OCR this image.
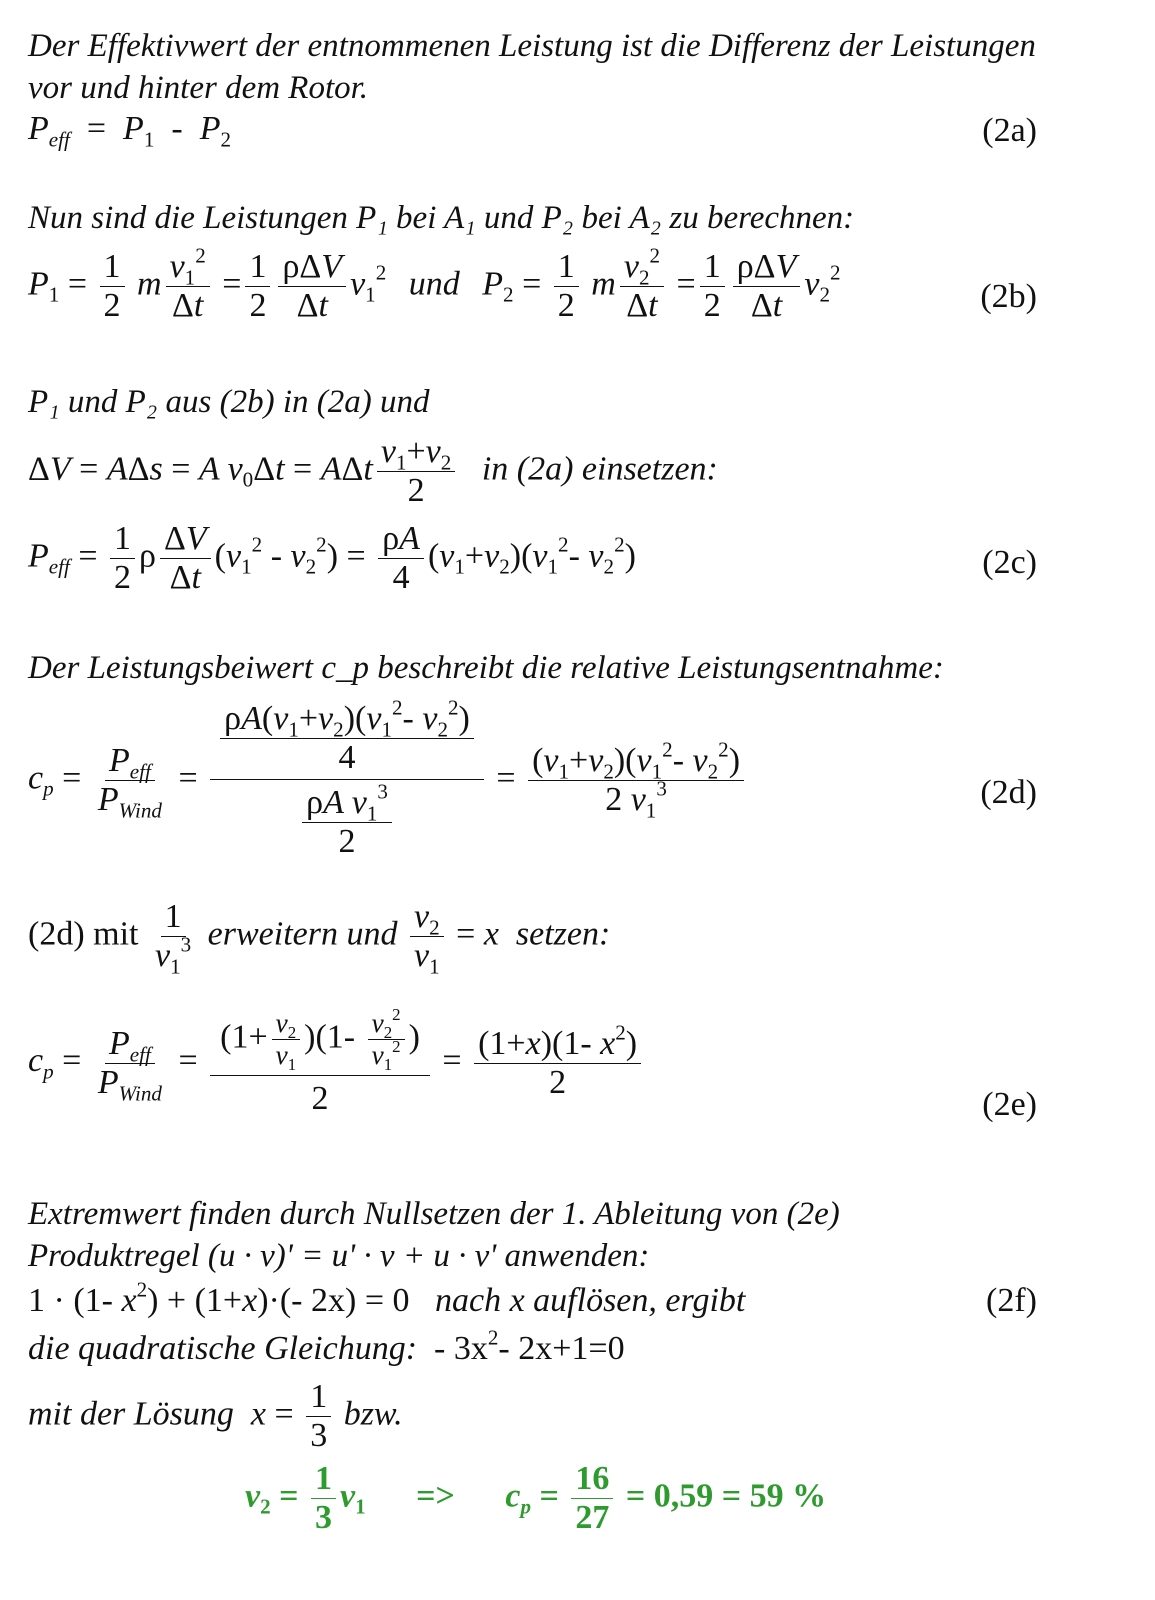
Der Effektivwert der entnommenen Leistung ist die Differenz der Leistungen
vor und hinter dem Rotor.
$P_{eff} = P_1 - P_2$	(2a)
Nun sind die Leistungen P₁ bei A₁ und P₂ bei A₂ zu berechnen:
$P_1 = \frac{1}{2}$ m $\frac{v_1^2}{\Delta t} = \frac{1}{2} \frac{\text{ρΔV}}{\Delta t} v_1^2$ und $P_2 = \frac{1}{2}$ m $\frac{v_2^2}{\Delta t} = \frac{1}{2} \frac{\text{ρΔV}}{\Delta t} v_2^2$
(2b)
P₁ und P₂ aus (2b) in (2a) und
ΔV = AΔs = A $v_0\Delta t = A\Delta t \frac{v_1+v_2}{2}$ in (2a) einsetzen:
$P_{eff} = \frac{1}{2}$ ρ $\frac{\Delta V}{\Delta t} (v_1^2 - v_2^2) = \frac{\rho A}{4} (v_1+v_2)(v_1^2-$ $v_2^2$)	(2c)
Der Leistungsbeiwert c_p beschreibt die relative Leistungsentnahme:
$c_p = \frac{P_{eff}}{P_{Wind}} = \frac{\frac{\rho A(v_1+v_2)(v_1^2- v_2^2)}{4}}{\frac{\rho A v_1^3}{2}} = \frac{(v_1+v_2)(v_1^2- v_2^2)}{2 v_1^3}$	(2d)
(2d) mit $\frac{1}{v_1^3}$ erweitern und $\frac{v_2}{v_1} = x$ setzen:
$c_p = \frac{P_{eff}}{P_{Wind}} = \frac{(1+ \frac{v_2}{v_1} )(1- \frac{v_2^2}{v_1^2} )}{2} = \frac{(1+x)(1- x^2)}{2}$
(2e)
Extremwert finden durch Nullsetzen der 1. Ableitung von (2e)
Produktregel (u · v)' = u' · v + u · v' anwenden:
1 · (1- $x^2) + (1+x)\cdot(-$ 2x) = 0   nach x auflösen, ergibt	(2f)
die quadratische Gleichung:  - $3x^2-$ 2x+1=0
mit der Lösung $x = \frac{1}{3}$ bzw.
$v_2 = \frac{1}{3} v_1 => c_p = \frac{16}{27} = 0,59 = 59$ %
